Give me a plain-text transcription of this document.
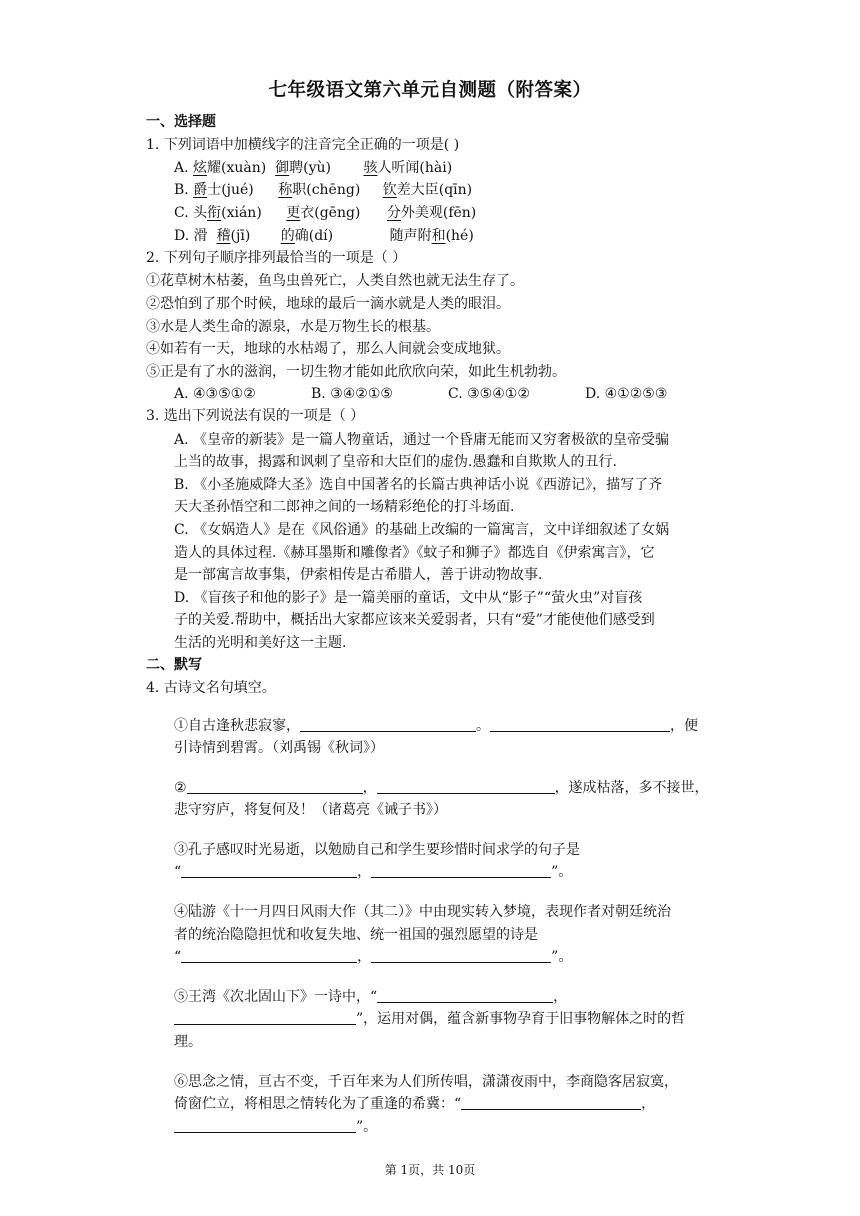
七年级语文第六单元自测题（附答案）
一、选择题
1. 下列词语中加横线字的注音完全正确的一项是( )
A. 炫耀(xuàn) 御聘(yù) 骇人听闻(hài)
B. 爵士(jué) 称职(chēng) 钦差大臣(qīn)
C. 头衔(xián) 更衣(gēng) 分外美观(fēn)
D. 滑 稽(jī) 的确(dí)	随声附和(hé)
2. 下列句子顺序排列最恰当的一项是（ ）
①花草树木枯萎，鱼鸟虫兽死亡，人类自然也就无法生存了。
②恐怕到了那个时候，地球的最后一滴水就是人类的眼泪。
③水是人类生命的源泉，水是万物生长的根基。
④如若有一天，地球的水枯竭了，那么人间就会变成地狱。
⑤正是有了水的滋润，一切生物才能如此欣欣向荣，如此生机勃勃。
A. ④③⑤①②	B. ③④②①⑤	C. ③⑤④①②	D. ④①②⑤③
3. 选出下列说法有误的一项是（ ）
A. 《皇帝的新装》是一篇人物童话，通过一个昏庸无能而又穷奢极欲的皇帝受骗
上当的故事，揭露和讽刺了皇帝和大臣们的虚伪.愚蠢和自欺欺人的丑行.
B. 《小圣施威降大圣》选自中国著名的长篇古典神话小说《西游记》，描写了齐
天大圣孙悟空和二郎神之间的一场精彩绝伦的打斗场面.
C. 《女娲造人》是在《风俗通》的基础上改编的一篇寓言，文中详细叙述了女娲
造人的具体过程.《赫耳墨斯和雕像者》《蚊子和狮子》都选自《伊索寓言》，它
是一部寓言故事集，伊索相传是古希腊人，善于讲动物故事.
D. 《盲孩子和他的影子》是一篇美丽的童话，文中从“影子”“萤火虫”对盲孩
子的关爱.帮助中，概括出大家都应该来关爱弱者，只有“爱”才能使他们感受到
生活的光明和美好这一主题.
二、默写
4. 古诗文名句填空。
①自古逢秋悲寂寥，	。	，便
引诗情到碧霄。（刘禹锡《秋词》）
②	，	，遂成枯落，多不接世，
悲守穷庐，将复何及！（诸葛亮《诫子书》）
③孔子感叹时光易逝，以勉励自己和学生要珍惜时间求学的句子是
“	，	”。
④陆游《十一月四日风雨大作（其二）》中由现实转入梦境，表现作者对朝廷统治
者的统治隐隐担忧和收复失地、统一祖国的强烈愿望的诗是
“	，	”。
⑤王湾《次北固山下》一诗中，“	，
”，运用对偶，蕴含新事物孕育于旧事物解体之时的哲
理。
⑥思念之情，亘古不变，千百年来为人们所传唱，潇潇夜雨中，李商隐客居寂寞，
倚窗伫立，将相思之情转化为了重逢的希冀：“	，
”。
第 1页，共 10页
